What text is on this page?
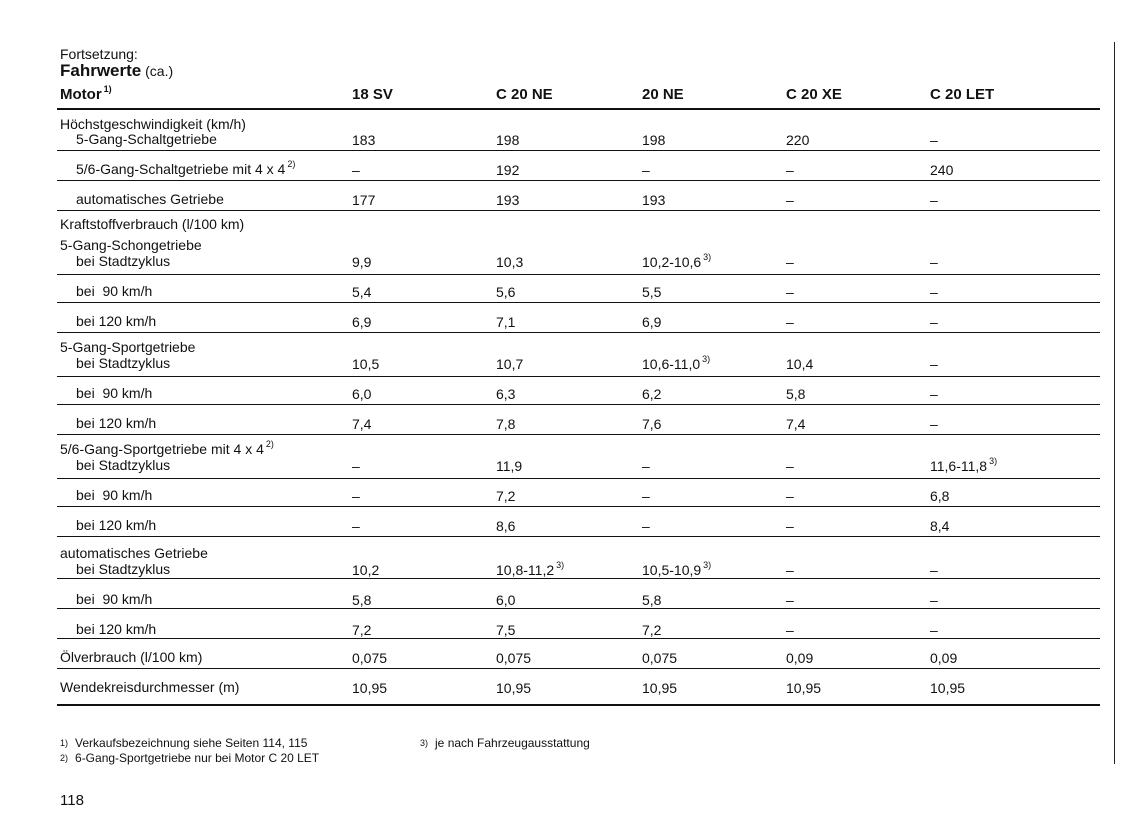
Fortsetzung:
Fahrwerte (ca.)
Motor $^{1)}$	18 SV	C 20 NE	20 NE	C 20 XE	C 20 LET
Höchstgeschwindigkeit (km/h)
5-Gang-Schaltgetriebe	183	198	198	220	–
5/6-Gang-Schaltgetriebe mit 4 x 4 $^{2)}$	–	192	–	–	240
automatisches Getriebe	177	193	193	–	–
Kraftstoffverbrauch (l/100 km)
5-Gang-Schongetriebe
bei Stadtzyklus	9,9	10,3	10,2-10,6 $^{3)}$	–	–
bei  90 km/h	5,4	5,6	5,5	–	–
bei 120 km/h	6,9	7,1	6,9	–	–
5-Gang-Sportgetriebe
bei Stadtzyklus	10,5	10,7	10,6-11,0 $^{3)}$	10,4	–
bei  90 km/h	6,0	6,3	6,2	5,8	–
bei 120 km/h	7,4	7,8	7,6	7,4	–
5/6-Gang-Sportgetriebe mit 4 x 4 $^{2)}$
bei Stadtzyklus	–	11,9	–	–	11,6-11,8 $^{3)}$
bei  90 km/h	–	7,2	–	–	6,8
bei 120 km/h	–	8,6	–	–	8,4
automatisches Getriebe
bei Stadtzyklus	10,2	10,8-11,2 $^{3)}$	10,5-10,9 $^{3)}$	–	–
bei  90 km/h	5,8	6,0	5,8	–	–
bei 120 km/h	7,2	7,5	7,2	–	–
Ölverbrauch (l/100 km)	0,075	0,075	0,075	0,09	0,09
Wendekreisdurchmesser (m)	10,95	10,95	10,95	10,95	10,95
1) Verkaufsbezeichnung siehe Seiten 114, 115
2) 6-Gang-Sportgetriebe nur bei Motor C 20 LET
3) je nach Fahrzeugausstattung
118
